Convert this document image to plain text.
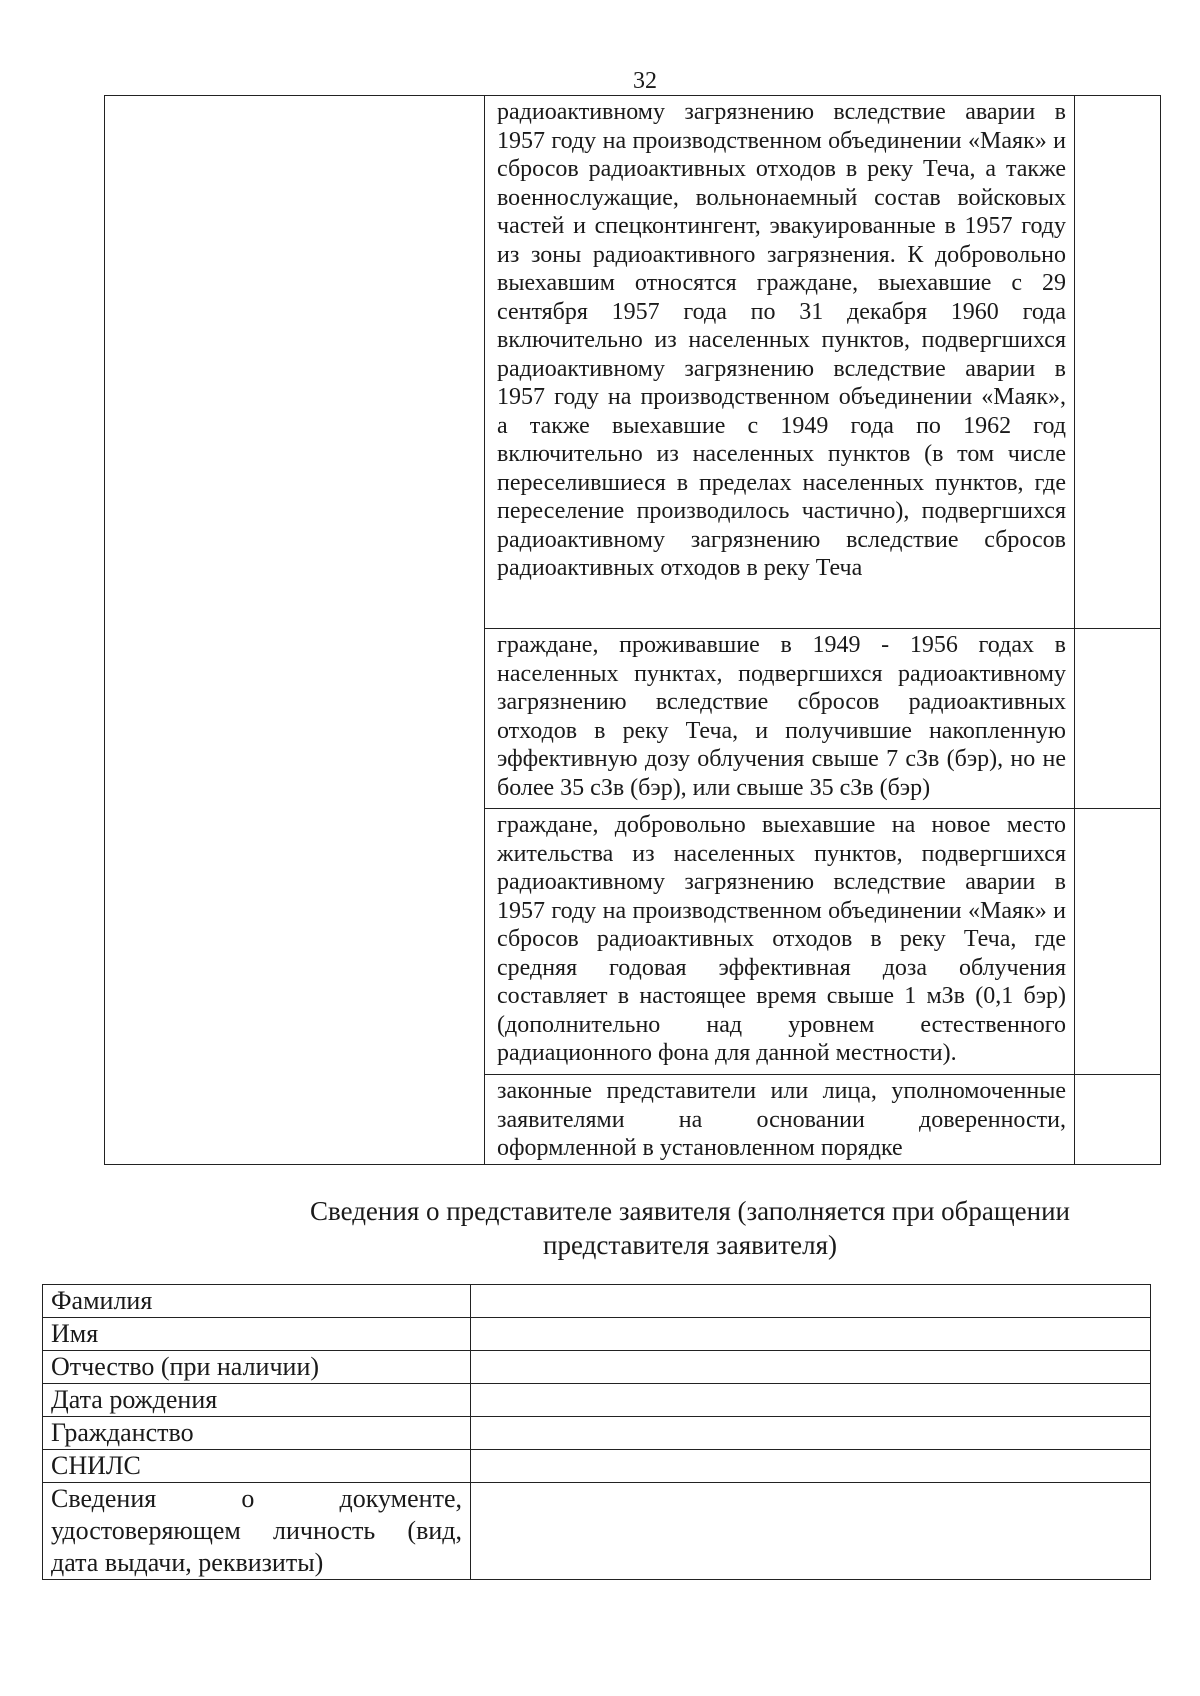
32
	радиоактивному загрязнению вследствие аварии в 1957 году на производственном объединении «Маяк» и сбросов радиоактивных отходов в реку Теча, а также военнослужащие, вольнонаемный состав войсковых частей и спецконтингент, эвакуированные в 1957 году из зоны радиоактивного загрязнения. К добровольно выехавшим относятся граждане, выехавшие с 29 сентября 1957 года по 31 декабря 1960 года включительно из населенных пунктов, подвергшихся радиоактивному загрязнению вследствие аварии в 1957 году на производственном объединении «Маяк», а также выехавшие с 1949 года по 1962 год включительно из населенных пунктов (в том числе переселившиеся в пределах населенных пунктов, где переселение производилось частично), подвергшихся радиоактивному загрязнению вследствие сбросов радиоактивных отходов в реку Теча	
	граждане, проживавшие в 1949 - 1956 годах в населенных пунктах, подвергшихся радиоактивному загрязнению вследствие сбросов радиоактивных отходов в реку Теча, и получившие накопленную эффективную дозу облучения свыше 7 сЗв (бэр), но не более 35 сЗв (бэр), или свыше 35 сЗв (бэр)	
	граждане, добровольно выехавшие на новое место жительства из населенных пунктов, подвергшихся радиоактивному загрязнению вследствие аварии в 1957 году на производственном объединении «Маяк» и сбросов радиоактивных отходов в реку Теча, где средняя годовая эффективная доза облучения составляет в настоящее время свыше 1 мЗв (0,1 бэр) (дополнительно над уровнем естественного радиационного фона для данной местности).	
	законные представители или лица, уполномоченные заявителями на основании доверенности, оформленной в установленном порядке	
Сведения о представителе заявителя (заполняется при обращении
представителя заявителя)
Фамилия	
Имя	
Отчество (при наличии)	
Дата рождения	
Гражданство	
СНИЛС	
Сведения о документе, удостоверяющем личность (вид, дата выдачи, реквизиты)	
